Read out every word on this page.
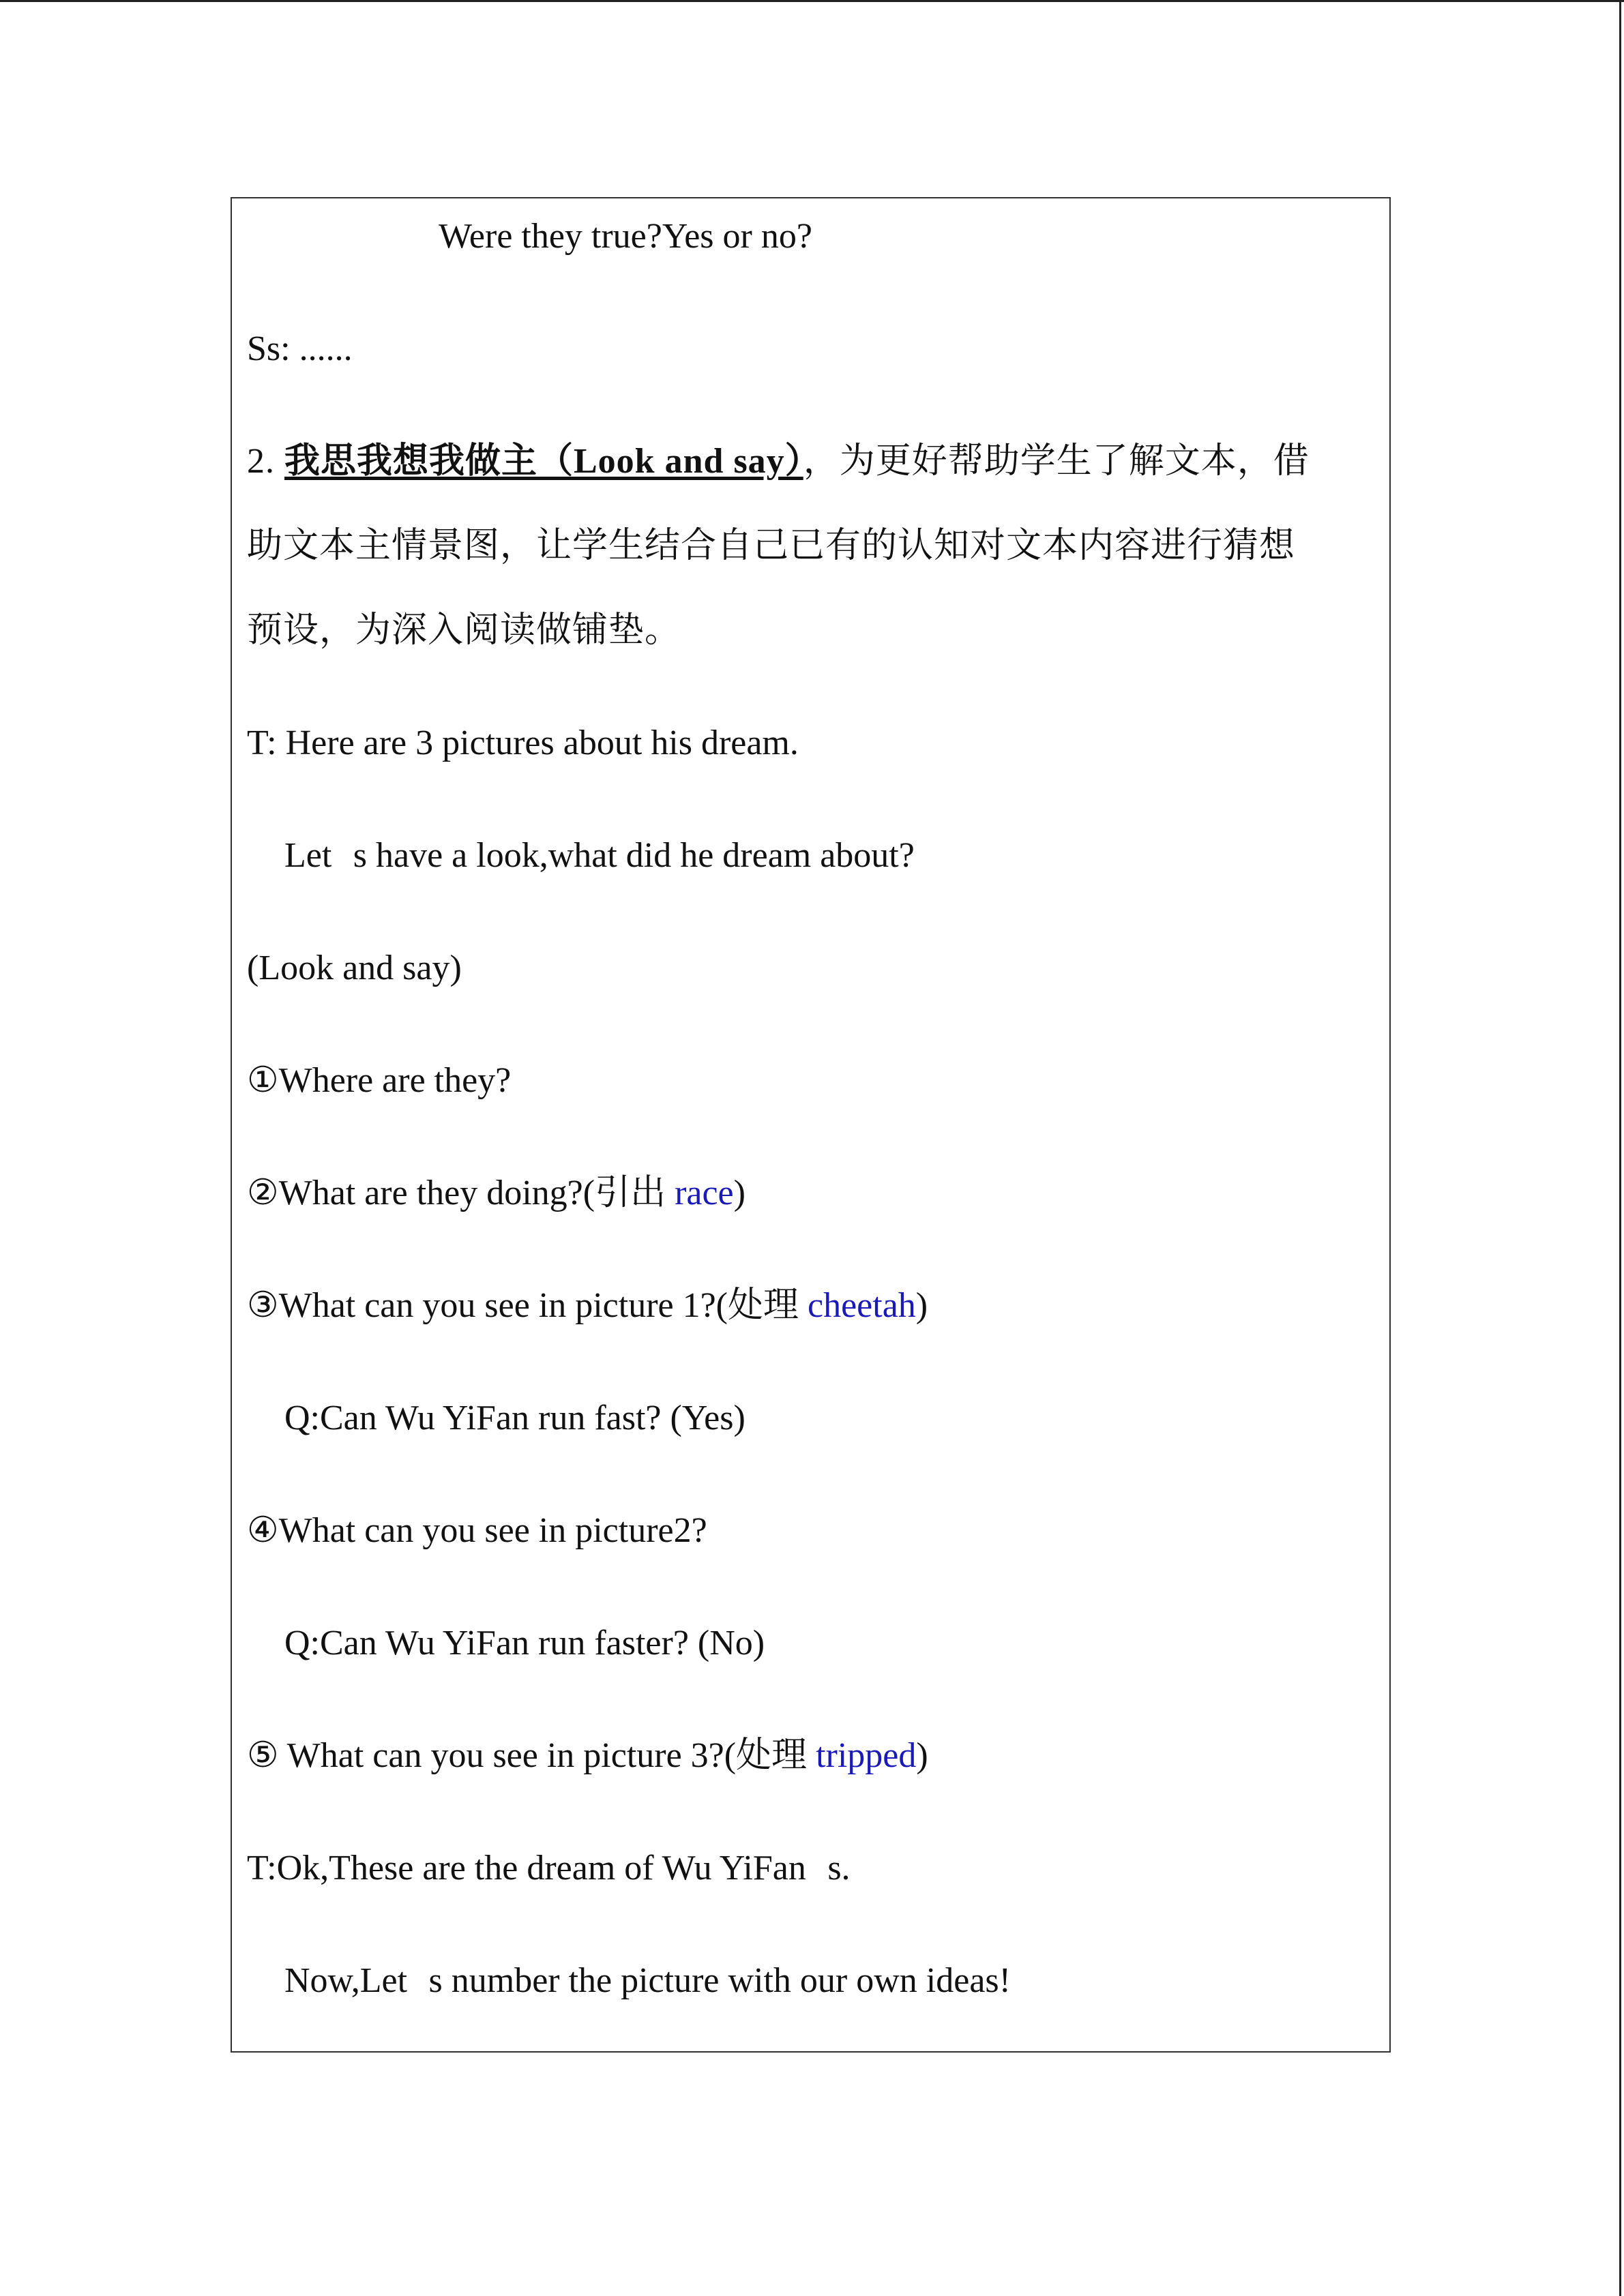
Were they true?Yes or no?

Ss: ......

2. 我思我想我做主（Look and say），为更好帮助学生了解文本，借

助文本主情景图，让学生结合自己已有的认知对文本内容进行猜想

预设，为深入阅读做铺垫。

T: Here are 3 pictures about his dream.

Lets have a look,what did he dream about?

(Look and say)

①Where are they?

②What are they doing?(引出 race)

③What can you see in picture 1?(处理 cheetah)

Q:Can Wu YiFan run fast? (Yes)

④What can you see in picture2?

Q:Can Wu YiFan run faster? (No)

⑤ What can you see in picture 3?(处理 tripped)

T:Ok,These are the dream of Wu YiFans.

Now,Lets number the picture with our own ideas!
